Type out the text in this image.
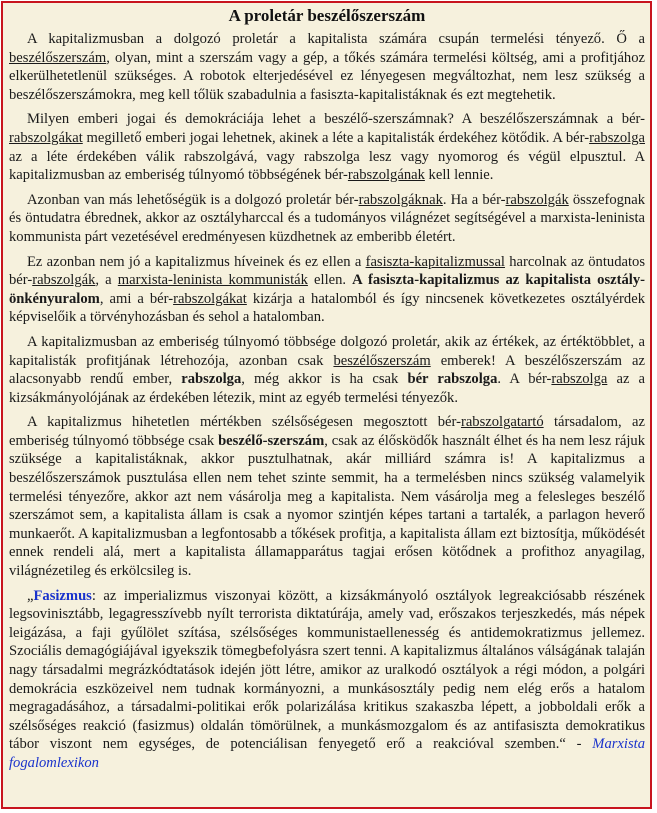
A proletár beszélőszerszám

A kapitalizmusban a dolgozó proletár a kapitalista számára csupán termelési tényező. Ő a beszélőszerszám, olyan, mint a szerszám vagy a gép, a tőkés számára termelési költség, ami a profitjához elkerülhetetlenül szükséges. A robotok elterjedésével ez lényegesen megváltozhat, nem lesz szükség a beszélőszerszámokra, meg kell tőlük szabadulnia a fasiszta-kapitalistáknak és ezt megtehetik.

Milyen emberi jogai és demokráciája lehet a beszélő-szerszámnak? A beszélőszerszámnak a bér-rabszolgákat megillető emberi jogai lehetnek, akinek a léte a kapitalisták érdekéhez kötődik. A bér-rabszolga az a léte érdekében válik rabszolgává, vagy rabszolga lesz vagy nyomorog és végül elpusztul. A kapitalizmusban az emberiség túlnyomó többségének bér-rabszolgának kell lennie.

Azonban van más lehetőségük is a dolgozó proletár bér-rabszolgáknak. Ha a bér-rabszolgák összefognak és öntudatra ébrednek, akkor az osztályharccal és a tudományos világnézet segítségével a marxista-leninista kommunista párt vezetésével eredményesen küzdhetnek az emberibb életért.

Ez azonban nem jó a kapitalizmus híveinek és ez ellen a fasiszta-kapitalizmussal harcolnak az öntudatos bér-rabszolgák, a marxista-leninista kommunisták ellen. A fasiszta-kapitalizmus az kapitalista osztály-önkényuralom, ami a bér-rabszolgákat kizárja a hatalomból és így nincsenek következetes osztályérdek képviselőik a törvényhozásban és sehol a hatalomban.

A kapitalizmusban az emberiség túlnyomó többsége dolgozó proletár, akik az értékek, az értéktöbblet, a kapitalisták profitjának létrehozója, azonban csak beszélőszerszám emberek! A beszélőszerszám az alacsonyabb rendű ember, rabszolga, még akkor is ha csak bér rabszolga. A bér-rabszolga az a kizsákmányolójának az érdekében létezik, mint az egyéb termelési tényezők.

A kapitalizmus hihetetlen mértékben szélsőségesen megosztott bér-rabszolgatartó társadalom, az emberiség túlnyomó többsége csak beszélő-szerszám, csak az élősködők használt élhet és ha nem lesz rájuk szüksége a kapitalistáknak, akkor pusztulhatnak, akár milliárd számra is! A kapitalizmus a beszélőszerszámok pusztulása ellen nem tehet szinte semmit, ha a termelésben nincs szükség valamelyik termelési tényezőre, akkor azt nem vásárolja meg a kapitalista. Nem vásárolja meg a felesleges beszélő szerszámot sem, a kapitalista állam is csak a nyomor szintjén képes tartani a tartalék, a parlagon heverő munkaerőt. A kapitalizmusban a legfontosabb a tőkések profitja, a kapitalista állam ezt biztosítja, működését ennek rendeli alá, mert a kapitalista államapparátus tagjai erősen kötődnek a profithoz anyagilag, világnézetileg és erkölcsileg is.

„Fasizmus: az imperializmus viszonyai között, a kizsákmányoló osztályok legreakciósabb részének legsovinisztább, legagresszívebb nyílt terrorista diktatúrája, amely vad, erőszakos terjeszkedés, más népek leigázása, a faji gyűlölet szítása, szélsőséges kommunistaellenesség és antidemokratizmus jellemez. Szociális demagógiájával igyekszik tömegbefolyásra szert tenni. A kapitalizmus általános válságának talaján nagy társadalmi megrázkódtatások idején jött létre, amikor az uralkodó osztályok a régi módon, a polgári demokrácia eszközeivel nem tudnak kormányozni, a munkásosztály pedig nem elég erős a hatalom megragadásához, a társadalmi-politikai erők polarizálása kritikus szakaszba lépett, a jobboldali erők a szélsőséges reakció (fasizmus) oldalán tömörülnek, a munkásmozgalom és az antifasiszta demokratikus tábor viszont nem egységes, de potenciálisan fenyegető erő a reakcióval szemben.“ - Marxista fogalomlexikon
